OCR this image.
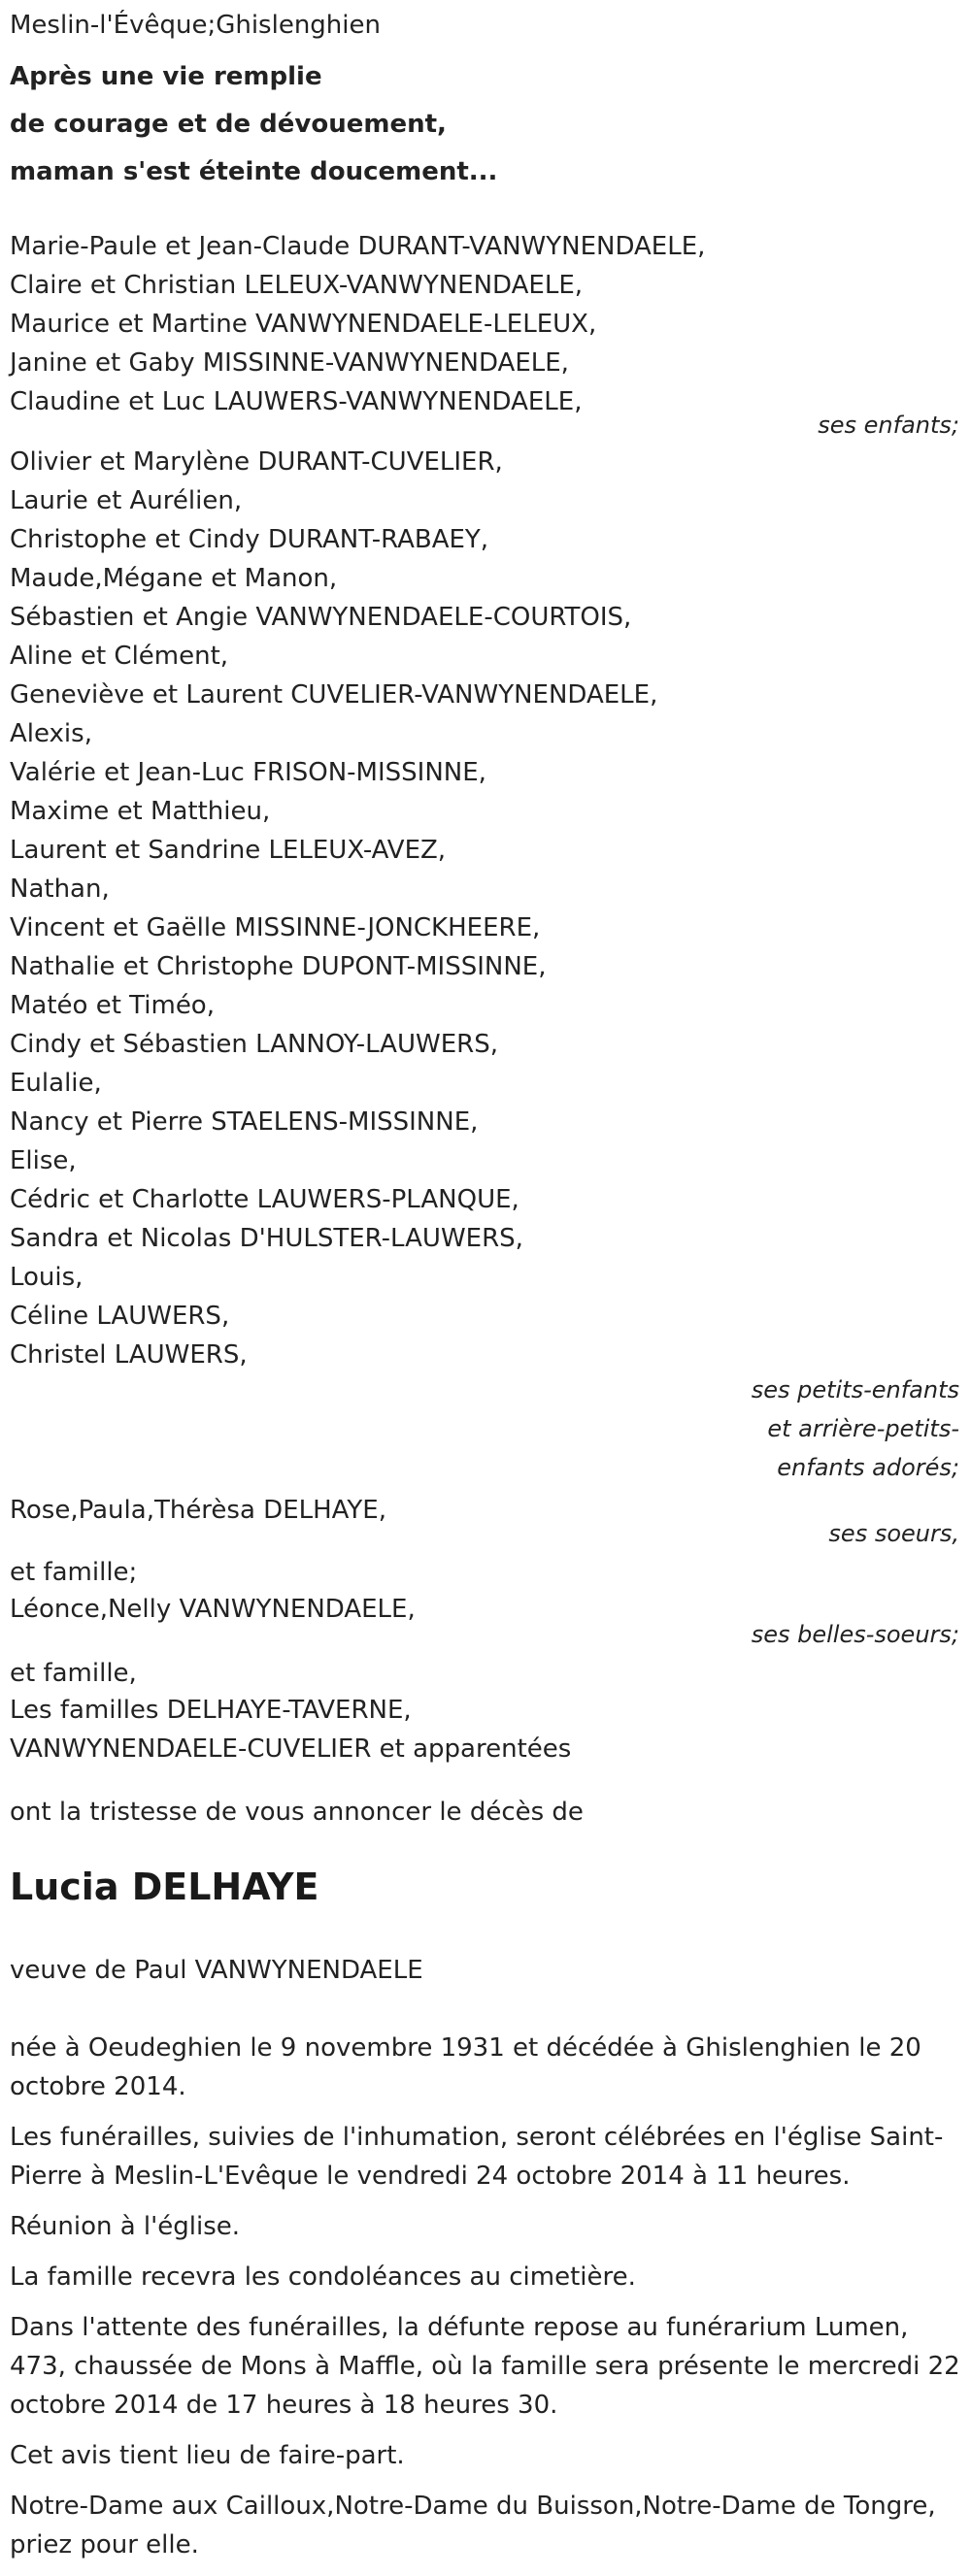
Meslin-l'Évêque;Ghislenghien
Après une vie remplie
de courage et de dévouement,
maman s'est éteinte doucement...
Marie-Paule et Jean-Claude DURANT-VANWYNENDAELE,
Claire et Christian LELEUX-VANWYNENDAELE,
Maurice et Martine VANWYNENDAELE-LELEUX,
Janine et Gaby MISSINNE-VANWYNENDAELE,
Claudine et Luc LAUWERS-VANWYNENDAELE,
ses enfants;
Olivier et Marylène DURANT-CUVELIER,
Laurie et Aurélien,
Christophe et Cindy DURANT-RABAEY,
Maude,Mégane et Manon,
Sébastien et Angie VANWYNENDAELE-COURTOIS,
Aline et Clément,
Geneviève et Laurent CUVELIER-VANWYNENDAELE,
Alexis,
Valérie et Jean-Luc FRISON-MISSINNE,
Maxime et Matthieu,
Laurent et Sandrine LELEUX-AVEZ,
Nathan,
Vincent et Gaëlle MISSINNE-JONCKHEERE,
Nathalie et Christophe DUPONT-MISSINNE,
Matéo et Timéo,
Cindy et Sébastien LANNOY-LAUWERS,
Eulalie,
Nancy et Pierre STAELENS-MISSINNE,
Elise,
Cédric et Charlotte LAUWERS-PLANQUE,
Sandra et Nicolas D'HULSTER-LAUWERS,
Louis,
Céline LAUWERS,
Christel LAUWERS,
ses petits-enfants
et arrière-petits-
enfants adorés;
Rose,Paula,Thérèsa DELHAYE,
ses soeurs,
et famille;
Léonce,Nelly VANWYNENDAELE,
ses belles-soeurs;
et famille,
Les familles DELHAYE-TAVERNE,
VANWYNENDAELE-CUVELIER et apparentées
ont la tristesse de vous annoncer le décès de
Lucia DELHAYE
veuve de Paul VANWYNENDAELE

née à Oeudeghien le 9 novembre 1931 et décédée à Ghislenghien le 20 octobre 2014.

Les funérailles, suivies de l'inhumation, seront célébrées en l'église Saint-Pierre à Meslin-L'Evêque le vendredi 24 octobre 2014 à 11 heures.

Réunion à l'église.

La famille recevra les condoléances au cimetière.

Dans l'attente des funérailles, la défunte repose au funérarium Lumen, 473, chaussée de Mons à Maffle, où la famille sera présente le mercredi 22 octobre 2014 de 17 heures à 18 heures 30.

Cet avis tient lieu de faire-part.

Notre-Dame aux Cailloux,Notre-Dame du Buisson,Notre-Dame de Tongre, priez pour elle.
